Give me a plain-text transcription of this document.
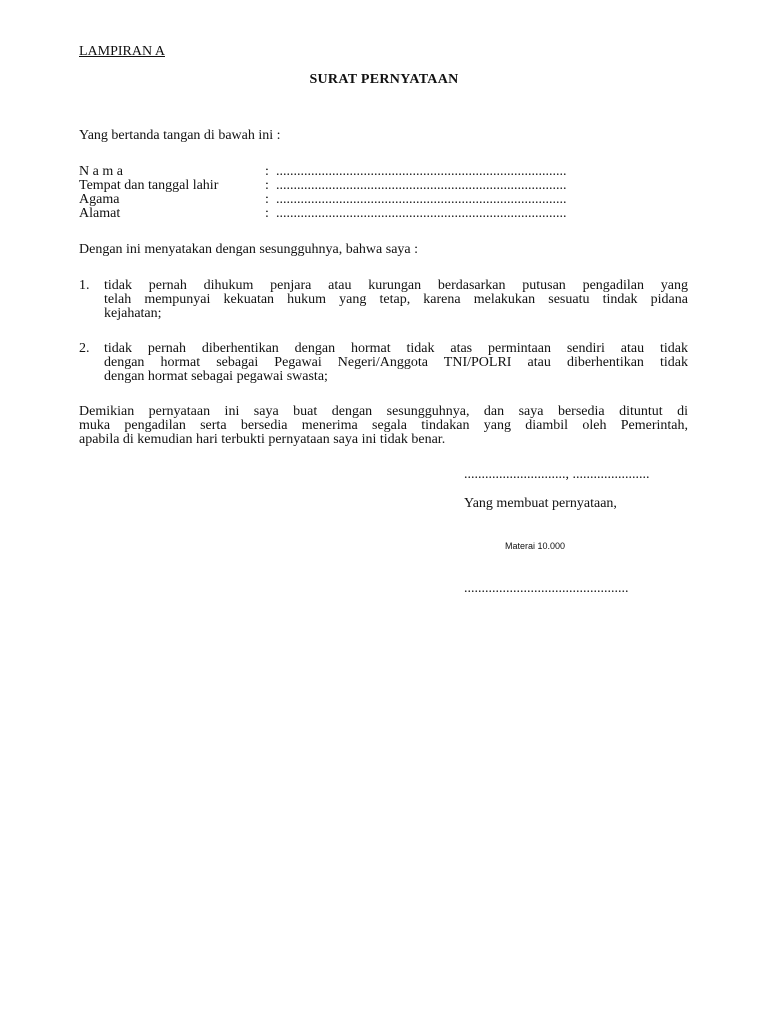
LAMPIRAN A
SURAT PERNYATAAN
Yang bertanda tangan di bawah ini :
N a m a	: ...................................................................................
Tempat dan tanggal lahir	: ...................................................................................
Agama	: ...................................................................................
Alamat	: ...................................................................................
Dengan ini menyatakan dengan sesungguhnya, bahwa saya :
1. tidak pernah dihukum penjara atau kurungan berdasarkan putusan pengadilan yang
telah mempunyai kekuatan hukum yang tetap, karena melakukan sesuatu tindak pidana
kejahatan;
2. tidak pernah diberhentikan dengan hormat tidak atas permintaan sendiri atau tidak
dengan hormat sebagai Pegawai Negeri/Anggota TNI/POLRI atau diberhentikan tidak
dengan hormat sebagai pegawai swasta;
Demikian pernyataan ini saya buat dengan sesungguhnya, dan saya bersedia dituntut di
muka pengadilan serta bersedia menerima segala tindakan yang diambil oleh Pemerintah,
apabila di kemudian hari terbukti pernyataan saya ini tidak benar.
............................., ......................
Yang membuat pernyataan,
Materai 10.000
...............................................
